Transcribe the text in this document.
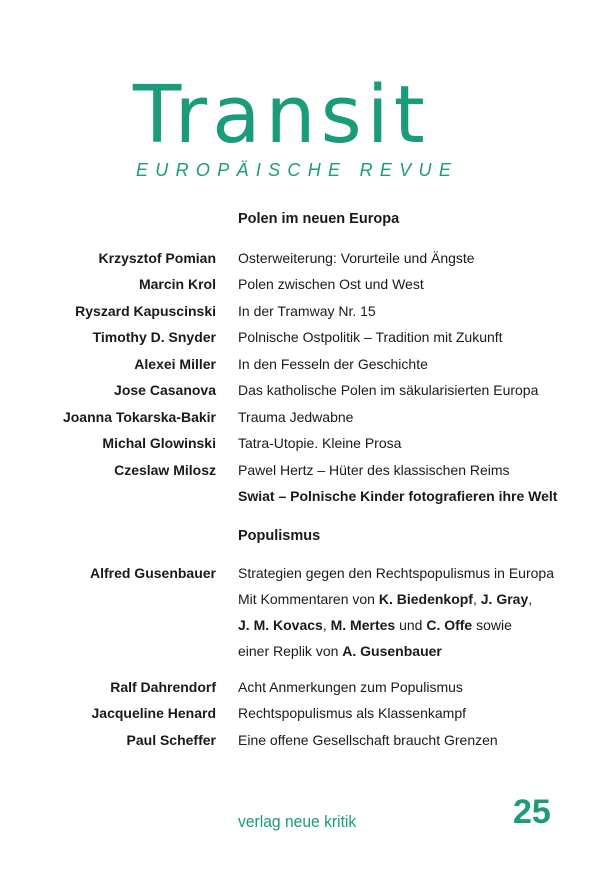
Transit
EUROPÄISCHE REVUE
Polen im neuen Europa
Krzysztof Pomian Osterweiterung: Vorurteile und Ängste
Marcin Krol Polen zwischen Ost und West
Ryszard Kapuscinski In der Tramway Nr. 15
Timothy D. Snyder Polnische Ostpolitik – Tradition mit Zukunft
Alexei Miller In den Fesseln der Geschichte
Jose Casanova Das katholische Polen im säkularisierten Europa
Joanna Tokarska-Bakir Trauma Jedwabne
Michal Glowinski Tatra-Utopie. Kleine Prosa
Czeslaw Milosz Pawel Hertz – Hüter des klassischen Reims
Swiat – Polnische Kinder fotografieren ihre Welt
Populismus
Alfred Gusenbauer Strategien gegen den Rechtspopulismus in Europa
Mit Kommentaren von K. Biedenkopf, J. Gray,
J. M. Kovacs, M. Mertes und C. Offe sowie
einer Replik von A. Gusenbauer
Ralf Dahrendorf Acht Anmerkungen zum Populismus
Jacqueline Henard Rechtspopulismus als Klassenkampf
Paul Scheffer Eine offene Gesellschaft braucht Grenzen
verlag neue kritik	25
